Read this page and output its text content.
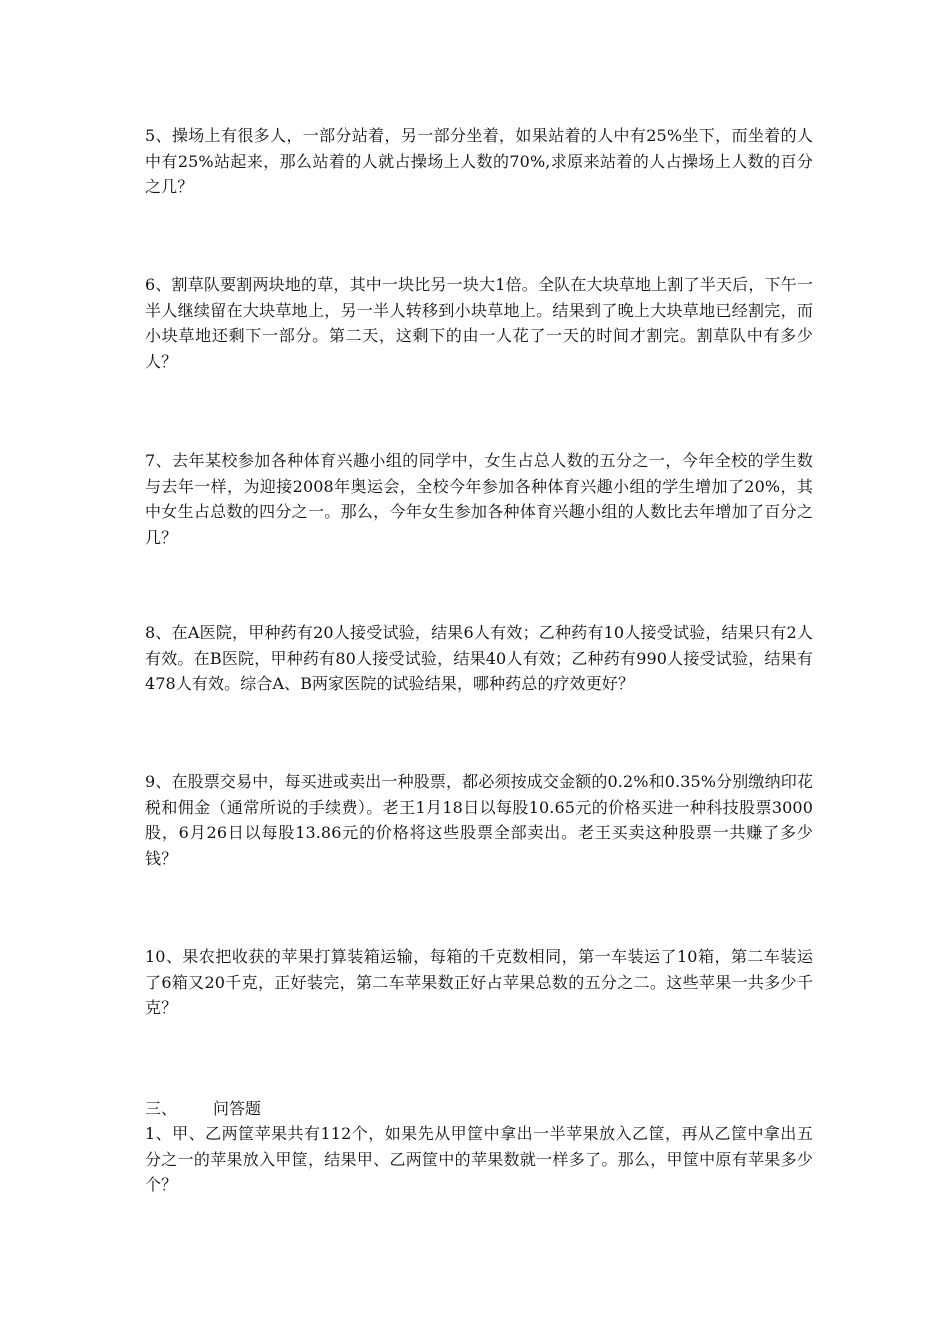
5、操场上有很多人，一部分站着，另一部分坐着，如果站着的人中有25%坐下，而坐着的人中有25%站起来，那么站着的人就占操场上人数的70%,求原来站着的人占操场上人数的百分之几？

6、割草队要割两块地的草，其中一块比另一块大1倍。全队在大块草地上割了半天后，下午一半人继续留在大块草地上，另一半人转移到小块草地上。结果到了晚上大块草地已经割完，而小块草地还剩下一部分。第二天，这剩下的由一人花了一天的时间才割完。割草队中有多少人？

7、去年某校参加各种体育兴趣小组的同学中，女生占总人数的五分之一，今年全校的学生数与去年一样，为迎接2008年奥运会，全校今年参加各种体育兴趣小组的学生增加了20%，其中女生占总数的四分之一。那么，今年女生参加各种体育兴趣小组的人数比去年增加了百分之几？

8、在A医院，甲种药有20人接受试验，结果6人有效；乙种药有10人接受试验，结果只有2人有效。在B医院，甲种药有80人接受试验，结果40人有效；乙种药有990人接受试验，结果有478人有效。综合A、B两家医院的试验结果，哪种药总的疗效更好？

9、在股票交易中，每买进或卖出一种股票，都必须按成交金额的0.2%和0.35%分别缴纳印花税和佣金（通常所说的手续费）。老王1月18日以每股10.65元的价格买进一种科技股票3000股，6月26日以每股13.86元的价格将这些股票全部卖出。老王买卖这种股票一共赚了多少钱？

10、果农把收获的苹果打算装箱运输，每箱的千克数相同，第一车装运了10箱，第二车装运了6箱又20千克，正好装完，第二车苹果数正好占苹果总数的五分之二。这些苹果一共多少千克？

三、 问答题

1、甲、乙两筐苹果共有112个，如果先从甲筐中拿出一半苹果放入乙筐，再从乙筐中拿出五分之一的苹果放入甲筐，结果甲、乙两筐中的苹果数就一样多了。那么，甲筐中原有苹果多少个？
